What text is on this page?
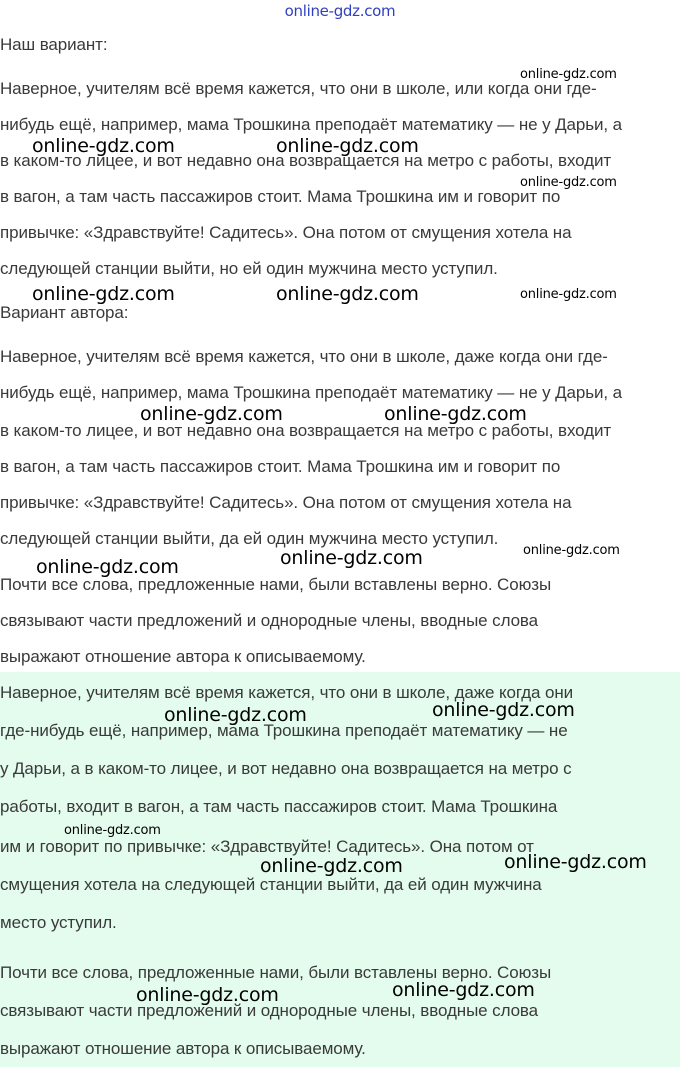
online-gdz.com
Наш вариант:
Наверное, учителям всё время кажется, что они в школе, или когда они где-
нибудь ещё, например, мама Трошкина преподаёт математику — не у Дарьи, а
в каком-то лицее, и вот недавно она возвращается на метро с работы, входит
в вагон, а там часть пассажиров стоит. Мама Трошкина им и говорит по
привычке: «Здравствуйте! Садитесь». Она потом от смущения хотела на
следующей станции выйти, но ей один мужчина место уступил.
Вариант автора:
Наверное, учителям всё время кажется, что они в школе, даже когда они где-
нибудь ещё, например, мама Трошкина преподаёт математику — не у Дарьи, а
в каком-то лицее, и вот недавно она возвращается на метро с работы, входит
в вагон, а там часть пассажиров стоит. Мама Трошкина им и говорит по
привычке: «Здравствуйте! Садитесь». Она потом от смущения хотела на
следующей станции выйти, да ей один мужчина место уступил.
Почти все слова, предложенные нами, были вставлены верно. Союзы
связывают части предложений и однородные члены, вводные слова
выражают отношение автора к описываемому.
Наверное, учителям всё время кажется, что они в школе, даже когда они
где-нибудь ещё, например, мама Трошкина преподаёт математику — не
у Дарьи, а в каком-то лицее, и вот недавно она возвращается на метро с
работы, входит в вагон, а там часть пассажиров стоит. Мама Трошкина
им и говорит по привычке: «Здравствуйте! Садитесь». Она потом от
смущения хотела на следующей станции выйти, да ей один мужчина
место уступил.
Почти все слова, предложенные нами, были вставлены верно. Союзы
связывают части предложений и однородные члены, вводные слова
выражают отношение автора к описываемому.
online-gdz.com
online-gdz.com	online-gdz.com
online-gdz.com
online-gdz.com	online-gdz.com	online-gdz.com
online-gdz.com	online-gdz.com
online-gdz.com	online-gdz.com
online-gdz.com
online-gdz.com
online-gdz.com
online-gdz.com
online-gdz.com
online-gdz.com
online-gdz.com
online-gdz.com
